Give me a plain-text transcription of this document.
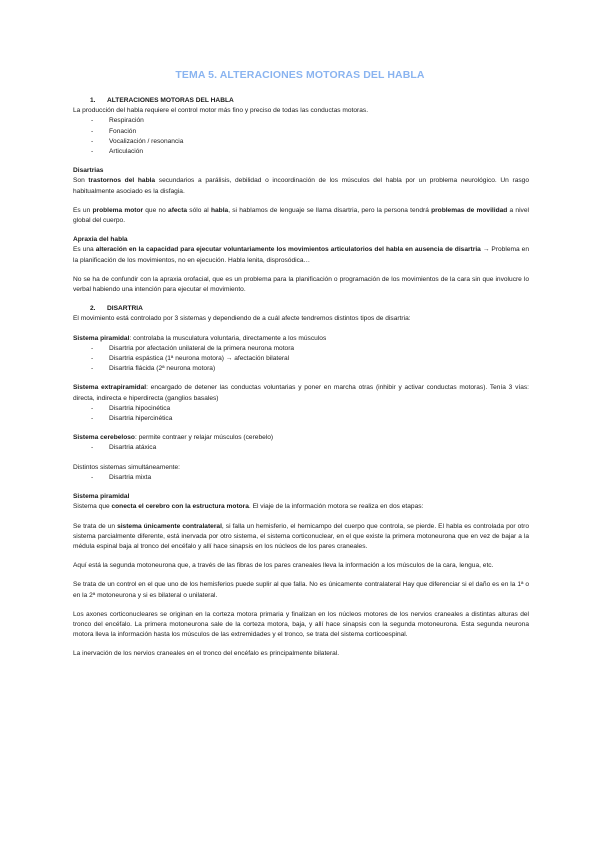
TEMA 5. ALTERACIONES MOTORAS DEL HABLA
1. ALTERACIONES MOTORAS DEL HABLA

La producción del habla requiere el control motor más fino y preciso de todas las conductas motoras.

- Respiración
- Fonación
- Vocalización / resonancia
- Articulación
Disartrias

Son trastornos del habla secundarios a parálisis, debilidad o incoordinación de los músculos del habla por un problema neurológico. Un rasgo habitualmente asociado es la disfagia.

Es un problema motor que no afecta sólo al habla, si hablamos de lenguaje se llama disartria, pero la persona tendrá problemas de movilidad a nivel global del cuerpo.

Apraxia del habla

Es una alteración en la capacidad para ejecutar voluntariamente los movimientos articulatorios del habla en ausencia de disartria → Problema en la planificación de los movimientos, no en ejecución. Habla lenita, disprosódica…

No se ha de confundir con la apraxia orofacial, que es un problema para la planificación o programación de los movimientos de la cara sin que involucre lo verbal habiendo una intención para ejecutar el movimiento.

2. DISARTRIA

El movimiento está controlado por 3 sistemas y dependiendo de a cuál afecte tendremos distintos tipos de disartria:

Sistema piramidal: controlaba la musculatura voluntaria, directamente a los músculos

- Disartria por afectación unilateral de la primera neurona motora
- Disartria espástica (1ª neurona motora) → afectación bilateral
- Disartria flácida (2ª neurona motora)

Sistema extrapiramidal: encargado de detener las conductas voluntarias y poner en marcha otras (inhibir y activar conductas motoras). Tenía 3 vías: directa, indirecta e hiperdirecta (ganglios basales)

- Disartria hipocinética
- Disartria hipercinética

Sistema cerebeloso: permite contraer y relajar músculos (cerebelo)

- Disartria atáxica

Distintos sistemas simultáneamente:

- Disartria mixta
Sistema piramidal

Sistema que conecta el cerebro con la estructura motora. El viaje de la información motora se realiza en dos etapas:

Se trata de un sistema únicamente contralateral, si falla un hemisferio, el hemicampo del cuerpo que controla, se pierde. El habla es controlada por otro sistema parcialmente diferente, está inervada por otro sistema, el sistema corticonuclear, en el que existe la primera motoneurona que en vez de bajar a la médula espinal baja al tronco del encéfalo y allí hace sinapsis en los núcleos de los pares craneales.

Aquí está la segunda motoneurona que, a través de las fibras de los pares craneales lleva la información a los músculos de la cara, lengua, etc.

Se trata de un control en el que uno de los hemisferios puede suplir al que falla. No es únicamente contralateral Hay que diferenciar si el daño es en la 1ª o en la 2ª motoneurona y si es bilateral o unilateral.

Los axones corticonucleares se originan en la corteza motora primaria y finalizan en los núcleos motores de los nervios craneales a distintas alturas del tronco del encéfalo. La primera motoneurona sale de la corteza motora, baja, y allí hace sinapsis con la segunda motoneurona. Esta segunda neurona motora lleva la información hasta los músculos de las extremidades y el tronco, se trata del sistema corticoespinal.

La inervación de los nervios craneales en el tronco del encéfalo es principalmente bilateral.
